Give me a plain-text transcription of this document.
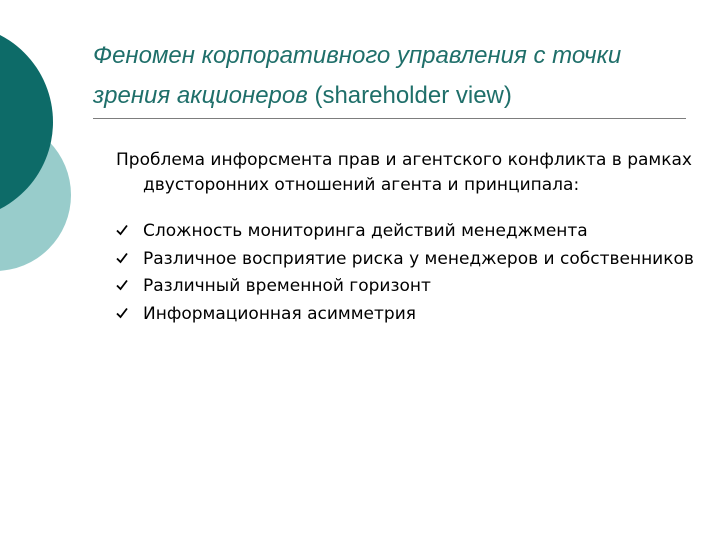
Феномен корпоративного управления с точки зрения акционеров (shareholder view)

Проблема инфорсмента прав и агентского конфликта в рамках двусторонних отношений агента и принципала:

Сложность мониторинга действий менеджмента
Различное восприятие риска у менеджеров и собственников
Различный временной горизонт
Информационная асимметрия
